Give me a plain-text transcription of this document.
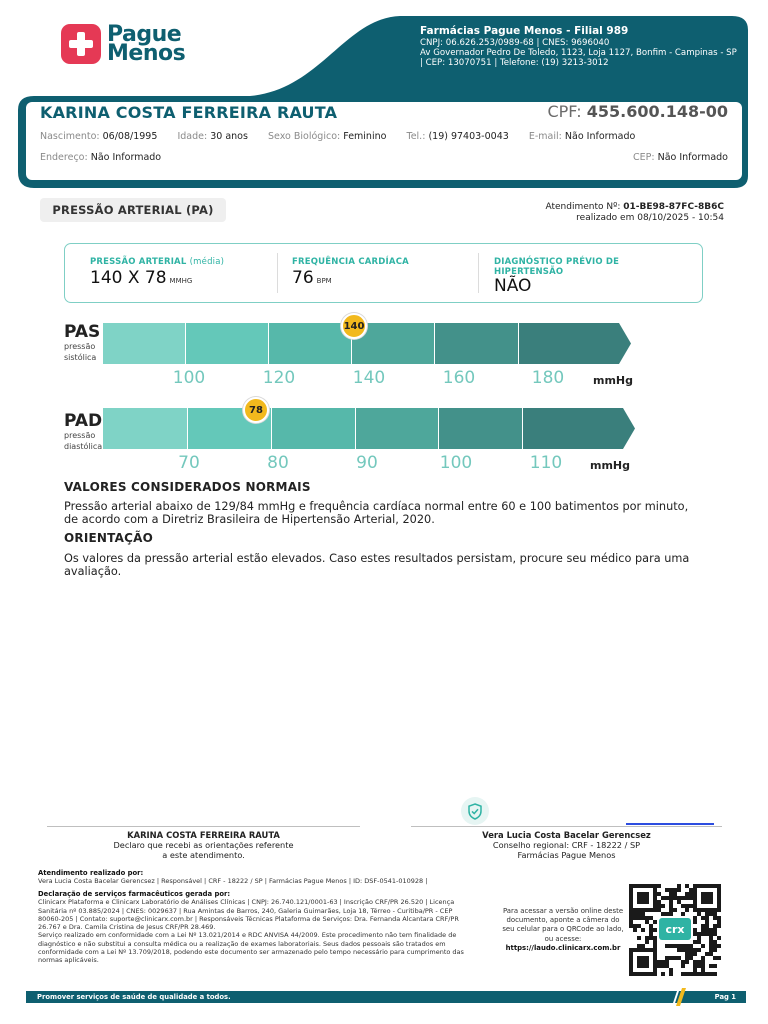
Pague
Menos
Farmácias Pague Menos - Filial 989
CNPJ: 06.626.253/0989-68 | CNES: 9696040
Av Governador Pedro De Toledo, 1123, Loja 1127, Bonfim - Campinas - SP
| CEP: 13070751 | Telefone: (19) 3213-3012
KARINA COSTA FERREIRA RAUTA	CPF: 455.600.148-00
Nascimento: 06/08/1995 Idade: 30 anos Sexo Biológico: Feminino Tel.: (19) 97403-0043 E-mail: Não Informado
Endereço: Não Informado	CEP: Não Informado
PRESSÃO ARTERIAL (PA)	Atendimento Nº: 01-BE98-87FC-8B6C
realizado em 08/10/2025 - 10:54
PRESSÃO ARTERIAL (média)
140 X 78 MMHG
FREQUÊNCIA CARDÍACA
76 BPM
DIAGNÓSTICO PRÉVIO DE HIPERTENSÃO
NÃO
PAS
pressão
sistólica
100	120	140	160	180	mmHg
140
PAD
pressão
diastólica
70	80	90	100	110	mmHg
78
VALORES CONSIDERADOS NORMAIS
Pressão arterial abaixo de 129/84 mmHg e frequência cardíaca normal entre 60 e 100 batimentos por minuto, de acordo com a Diretriz Brasileira de Hipertensão Arterial, 2020.
ORIENTAÇÃO
Os valores da pressão arterial estão elevados. Caso estes resultados persistam, procure seu médico para uma avaliação.
KARINA COSTA FERREIRA RAUTA
Declaro que recebi as orientações referente
a este atendimento.
Vera Lucia Costa Bacelar Gerencsez
Conselho regional: CRF - 18222 / SP
Farmácias Pague Menos
Atendimento realizado por:
Vera Lucia Costa Bacelar Gerencsez | Responsável | CRF - 18222 / SP | Farmácias Pague Menos | ID: DSF-0541-010928 |
Declaração de serviços farmacêuticos gerada por:
Clinicarx Plataforma e Clinicarx Laboratório de Análises Clínicas | CNPJ: 26.740.121/0001-63 | Inscrição CRF/PR 26.520 | Licença Sanitária nº 03.885/2024 | CNES: 0029637 | Rua Amintas de Barros, 240, Galeria Guimarães, Loja 18, Térreo - Curitiba/PR - CEP 80060-205 | Contato: suporte@clinicarx.com.br | Responsáveis Técnicas Plataforma de Serviços: Dra. Fernanda Alcantara CRF/PR 26.767 e Dra. Camila Cristina de Jesus CRF/PR 28.469.
Serviço realizado em conformidade com a Lei Nº 13.021/2014 e RDC ANVISA 44/2009. Este procedimento não tem finalidade de diagnóstico e não substitui a consulta médica ou a realização de exames laboratoriais. Seus dados pessoais são tratados em conformidade com a Lei Nº 13.709/2018, podendo este documento ser armazenado pelo tempo necessário para cumprimento das normas aplicáveis.
Para acessar a versão online deste documento, aponte a câmera do seu celular para o QRCode ao lado, ou acesse:
https://laudo.clinicarx.com.br
crx
Promover serviços de saúde de qualidade a todos.	Pag 1
